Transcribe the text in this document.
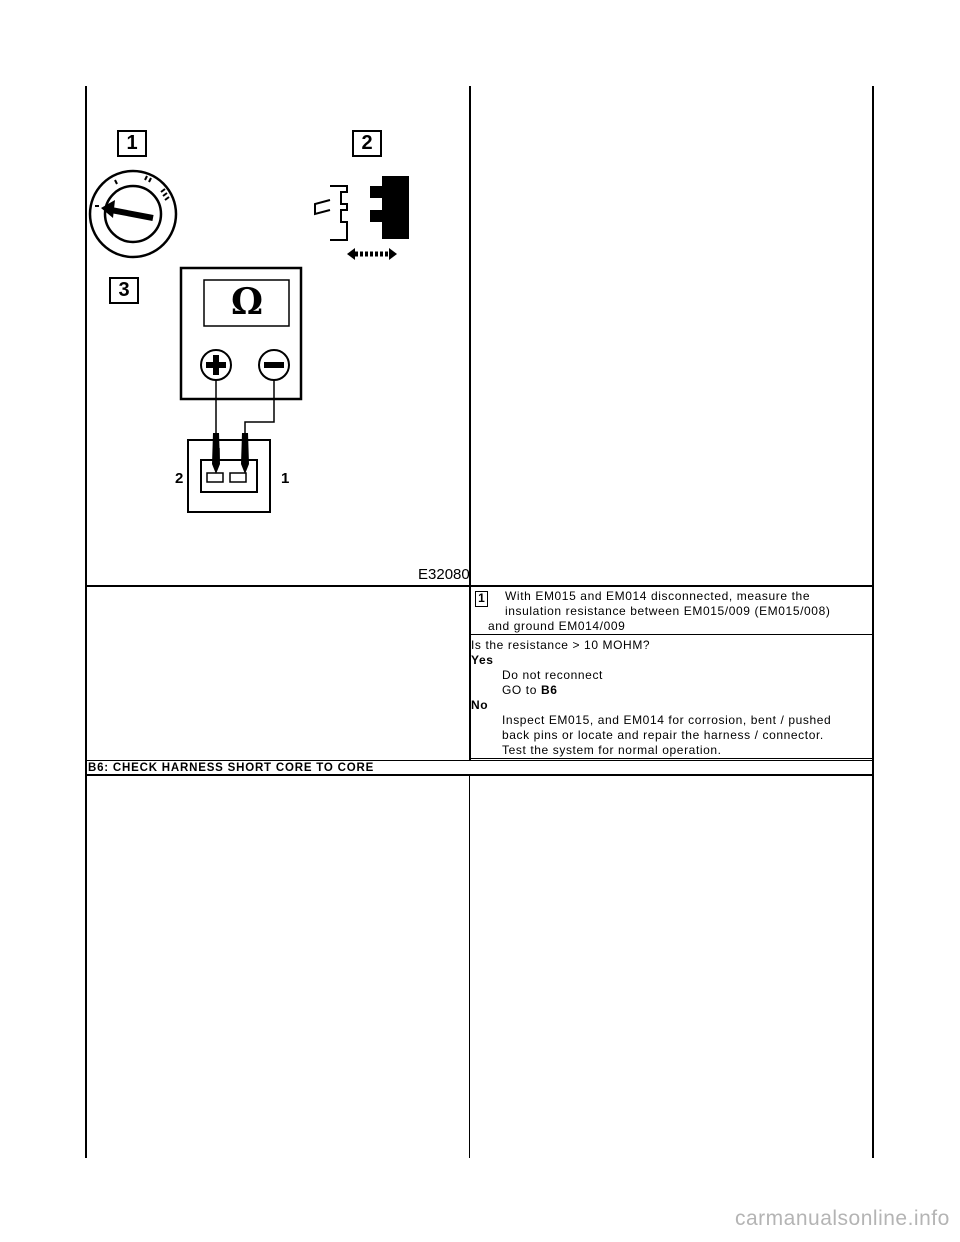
1	2
3	Ω
2	1
E32080
1 With EM015 and EM014 disconnected, measure the
insulation resistance between EM015/009 (EM015/008)
and ground EM014/009
Is the resistance > 10 MOHM?
Yes
Do not reconnect
GO to B6
No
Inspect EM015, and EM014 for corrosion, bent / pushed
back pins or locate and repair the harness / connector.
Test the system for normal operation.
B6: CHECK HARNESS SHORT CORE TO CORE
carmanualsonline.info
